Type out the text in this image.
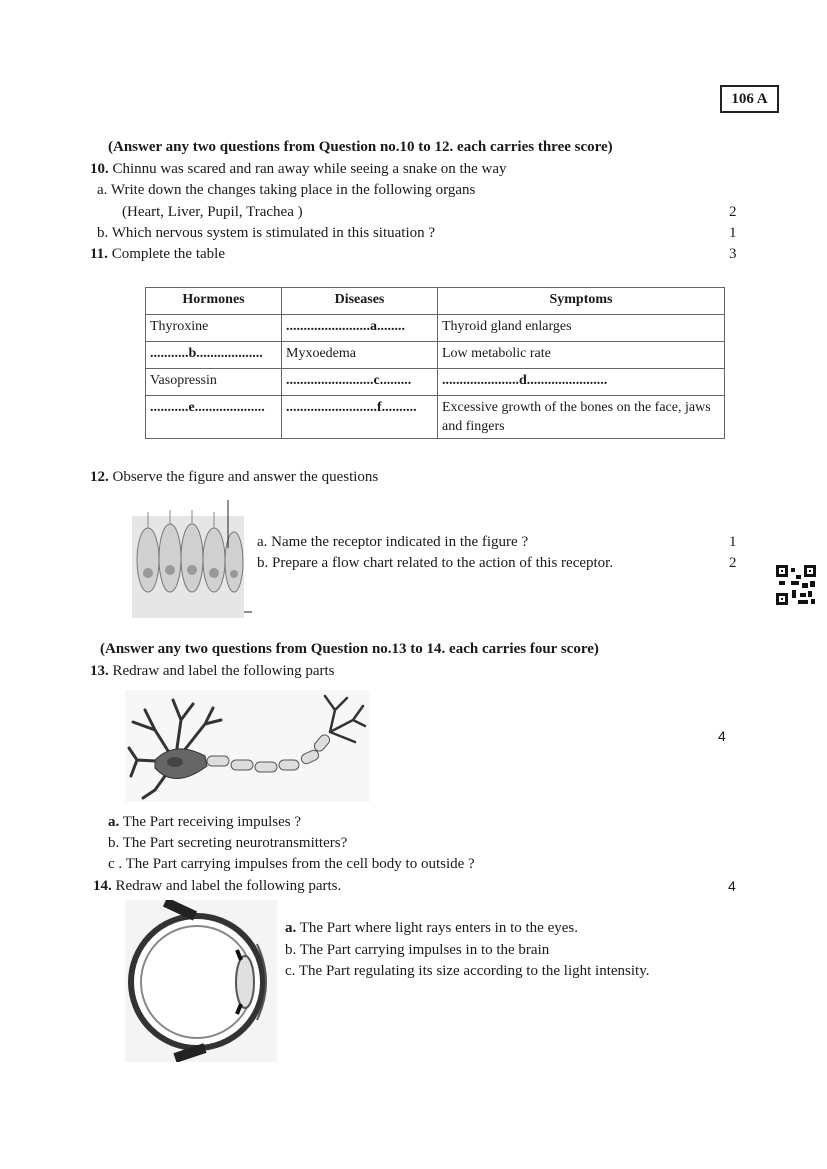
106 A
(Answer any two questions from Question no.10 to 12. each carries three score)
10. Chinnu was scared and ran away while seeing a snake on the way
a. Write down the changes taking place in the following organs
(Heart, Liver, Pupil, Trachea )	2
b. Which nervous system is stimulated in this situation ?	1
11. Complete the table	3
Hormones	Diseases	Symptoms
Thyroxine	........................a........	Thyroid gland enlarges
...........b...................	Myxoedema	Low metabolic rate
Vasopressin	.........................c.........	......................d.......................
...........e....................	..........................f..........	Excessive growth of the bones on the face, jaws and fingers
12. Observe the figure and answer the questions
a. Name the receptor indicated in the figure ?	1
b. Prepare a flow chart related to the action of this receptor.	2
(Answer any two questions from Question no.13 to 14. each carries four score)
13. Redraw and label the following parts
4
a. The Part receiving impulses ?
b. The Part secreting neurotransmitters?
c . The Part carrying impulses from the cell body to outside ?
14. Redraw and label the following parts.	4
a. The Part where light rays enters in to the eyes.
b. The Part carrying impulses in to the brain
c. The Part regulating its size according to the light intensity.
